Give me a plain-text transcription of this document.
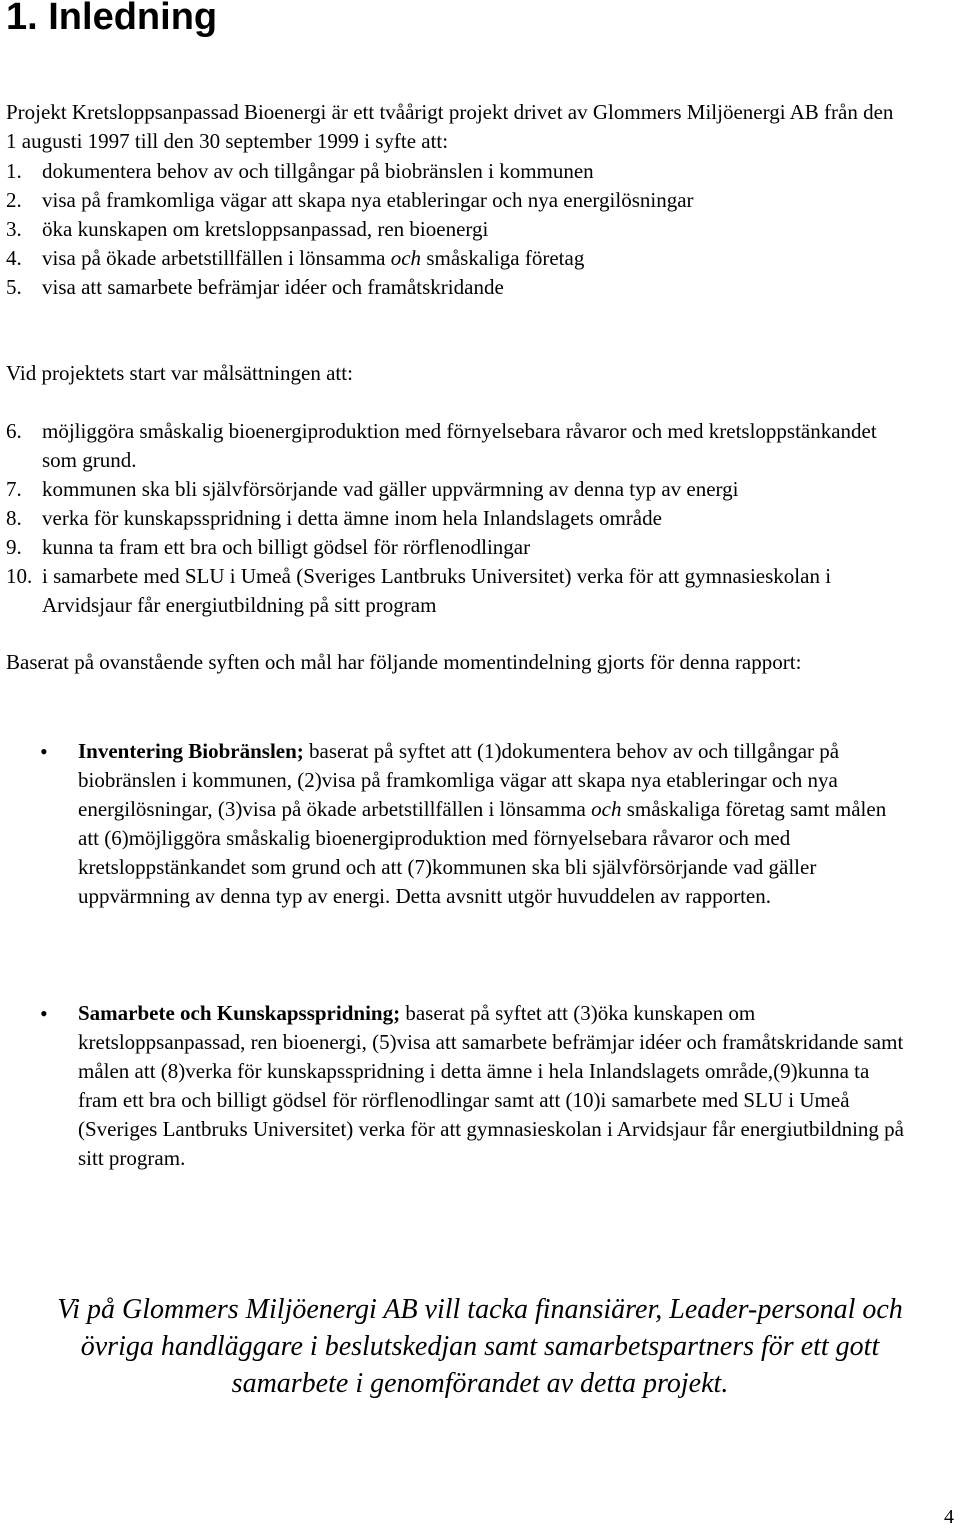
1. Inledning
Projekt Kretsloppsanpassad Bioenergi är ett tvåårigt projekt drivet av Glommers Miljöenergi AB från den 1 augusti 1997 till den 30 september 1999 i syfte att:
1. dokumentera behov av och tillgångar på biobränslen i kommunen
2. visa på framkomliga vägar att skapa nya etableringar och nya energilösningar
3. öka kunskapen om kretsloppsanpassad, ren bioenergi
4. visa på ökade arbetstillfällen i lönsamma och småskaliga företag
5. visa att samarbete befrämjar idéer och framåtskridande
Vid projektets start var målsättningen att:
6. möjliggöra småskalig bioenergiproduktion med förnyelsebara råvaror och med kretsloppstänkandet som grund.
7. kommunen ska bli självförsörjande vad gäller uppvärmning av denna typ av energi
8. verka för kunskapsspridning i detta ämne inom hela Inlandslagets område
9. kunna ta fram ett bra och billigt gödsel för rörflenodlingar
10. i samarbete med SLU i Umeå (Sveriges Lantbruks Universitet) verka för att gymnasieskolan i Arvidsjaur får energiutbildning på sitt program
Baserat på ovanstående syften och mål har följande momentindelning gjorts för denna rapport:
•	Inventering Biobränslen; baserat på syftet att (1)dokumentera behov av och tillgångar på biobränslen i kommunen, (2)visa på framkomliga vägar att skapa nya etableringar och nya energilösningar, (3)visa på ökade arbetstillfällen i lönsamma och småskaliga företag samt målen att (6)möjliggöra småskalig bioenergiproduktion med förnyelsebara råvaror och med kretsloppstänkandet som grund och att (7)kommunen ska bli självförsörjande vad gäller uppvärmning av denna typ av energi. Detta avsnitt utgör huvuddelen av rapporten.
•	Samarbete och Kunskapsspridning; baserat på syftet att (3)öka kunskapen om kretsloppsanpassad, ren bioenergi, (5)visa att samarbete befrämjar idéer och framåtskridande samt målen att (8)verka för kunskapsspridning i detta ämne i hela Inlandslagets område,(9)kunna ta fram ett bra och billigt gödsel för rörflenodlingar samt att (10)i samarbete med SLU i Umeå (Sveriges Lantbruks Universitet) verka för att gymnasieskolan i Arvidsjaur får energiutbildning på sitt program.
Vi på Glommers Miljöenergi AB vill tacka finansiärer, Leader-personal och övriga handläggare i beslutskedjan samt samarbetspartners för ett gott samarbete i genomförandet av detta projekt.
4
